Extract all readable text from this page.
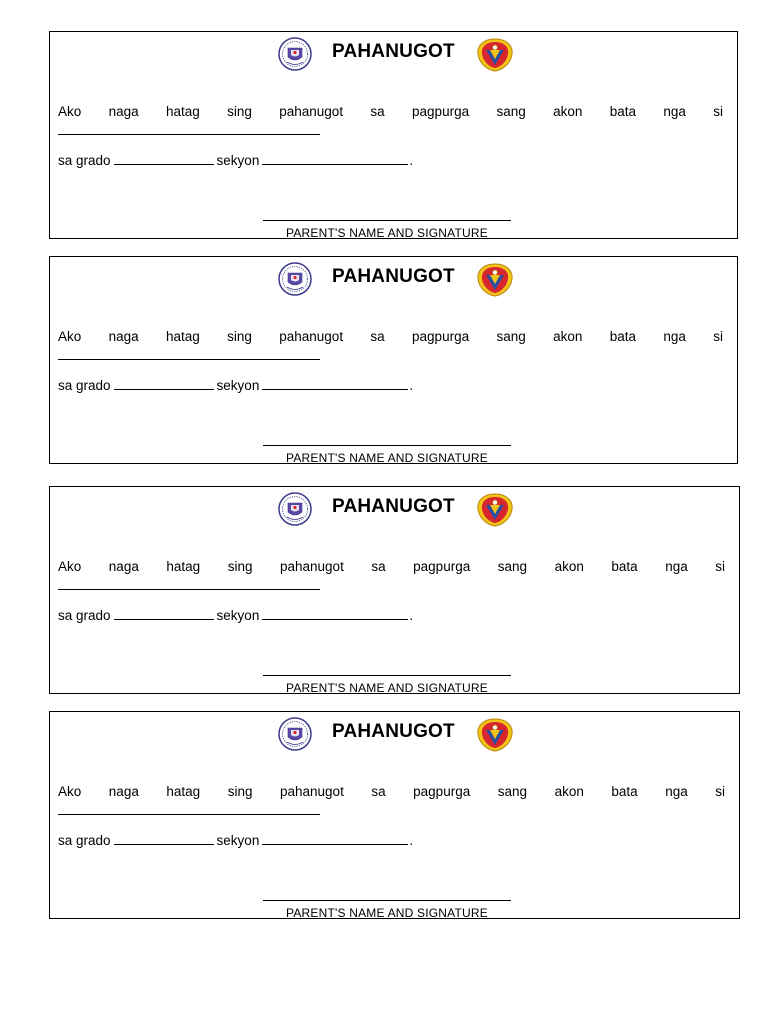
PAHANUGOT
Ako naga hatag sing pahanugot sa pagpurga sang akon bata nga si
sa grado	sekyon	.
PARENT'S NAME AND SIGNATURE
PAHANUGOT
Ako naga hatag sing pahanugot sa pagpurga sang akon bata nga si
sa grado	sekyon	.
PARENT'S NAME AND SIGNATURE
PAHANUGOT
Ako naga hatag sing pahanugot sa pagpurga sang akon bata nga si
sa grado	sekyon	.
PARENT'S NAME AND SIGNATURE
PAHANUGOT
Ako naga hatag sing pahanugot sa pagpurga sang akon bata nga si
sa grado	sekyon	.
PARENT'S NAME AND SIGNATURE
